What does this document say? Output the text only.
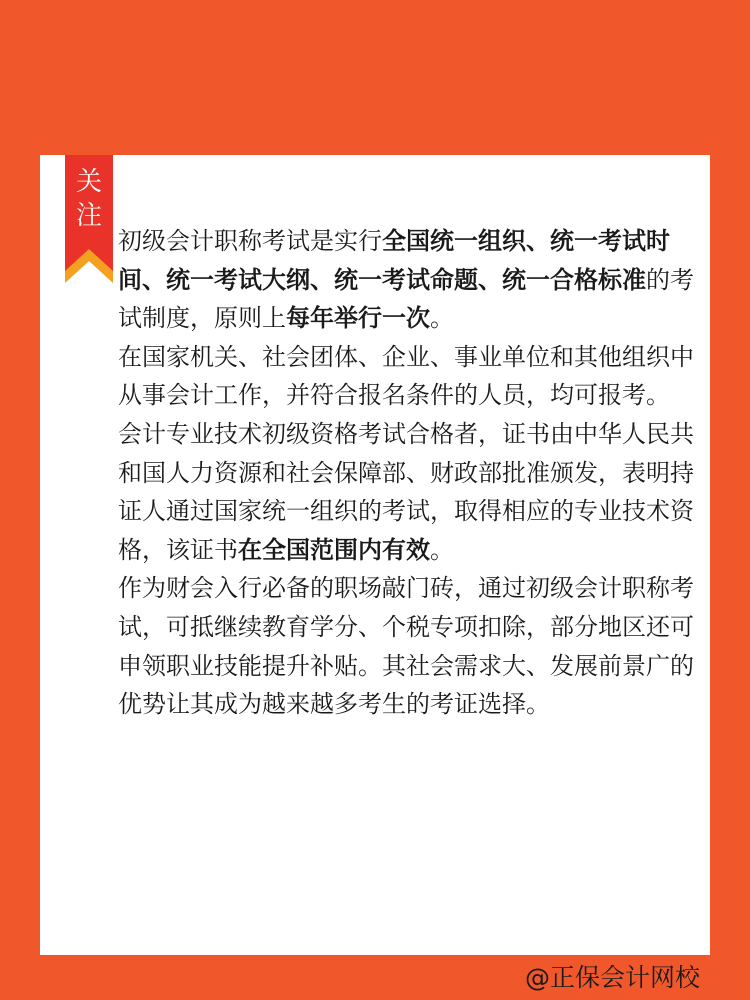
关
注

初级会计职称考试是实行全国统一组织、统一考试时间、统一考试大纲、统一考试命题、统一合格标准的考试制度，原则上每年举行一次。

在国家机关、社会团体、企业、事业单位和其他组织中从事会计工作，并符合报名条件的人员，均可报考。

会计专业技术初级资格考试合格者，证书由中华人民共和国人力资源和社会保障部、财政部批准颁发，表明持证人通过国家统一组织的考试，取得相应的专业技术资格，该证书在全国范围内有效。

作为财会入行必备的职场敲门砖，通过初级会计职称考试，可抵继续教育学分、个税专项扣除，部分地区还可申领职业技能提升补贴。其社会需求大、发展前景广的优势让其成为越来越多考生的考证选择。

@正保会计网校
